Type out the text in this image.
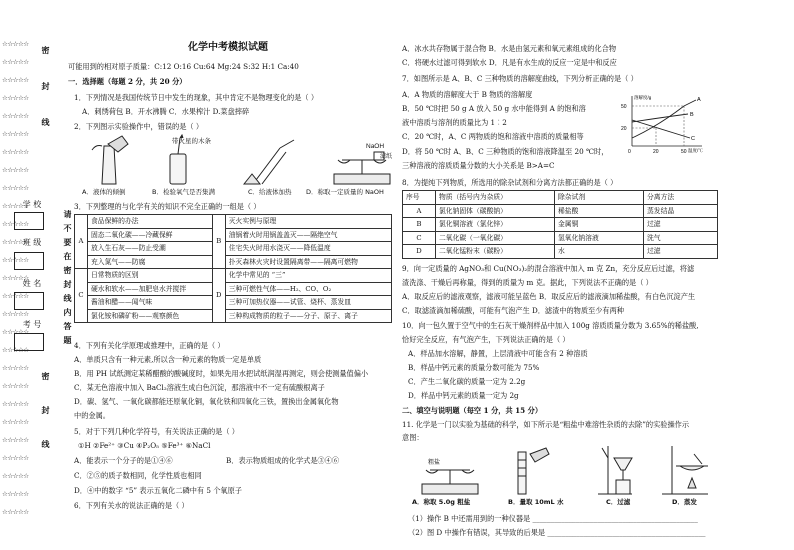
☆☆☆☆☆
☆☆☆☆☆
☆☆☆☆☆
☆☆☆☆☆
☆☆☆☆☆
☆☆☆☆☆
☆☆☆☆☆
☆☆☆☆☆
☆☆☆☆☆
☆☆☆☆☆
☆☆☆☆☆
☆☆☆☆☆
☆☆☆☆☆
☆☆☆☆☆
☆☆☆☆☆
☆☆☆☆☆
☆☆☆☆☆
☆☆☆☆☆
☆☆☆☆☆
☆☆☆☆☆
☆☆☆☆☆
☆☆☆☆☆
☆☆☆☆☆
☆☆☆☆☆
☆☆☆☆☆
☆☆☆☆☆
☆☆☆☆☆
密封线
请不要在密封线内答题
密封线
学 校
班 级
姓 名
考 号
化学中考模拟试题
可能用到的相对原子质量：C:12 O:16 Cu:64 Mg:24 S:32 H:1 Ca:40
一．选择题（每题 2 分，共 20 分）
1．下列情况是我国传统节日中发生的现象，其中肯定不是物理变化的是（ ）
A．刺绣荷包 B．开水沸腾 C．水果榨汁 D.菜盘摔碎
2．下列图示实验操作中，错误的是（ ）
带火星的木条
NaOH
滤纸
A．液体的倾倒	B．检验氧气是否集满	C．给液体加热 D．称取一定质量的 NaOH
3．下列整理的与化学有关的知识不完全正确的一组是（ ）
A	食品保鲜的办法	B	灭火实例与原理
	固态二氧化碳——冷藏保鲜		油锅着火时用锅盖盖灭——隔绝空气
	放入生石灰——防止受潮		住宅失火时用水浇灭——降低温度
	充入氮气——防腐		扑灭森林火灾时设置隔离带——隔离可燃物
C	日常物质的区别	D	化学中常见的 “三”
	硬水和软水——加肥皂水并搅拌		三种可燃性气体——H₂、CO、O₂
	酱油和醋——闻气味		三种可加热仪器——试管、烧杯、蒸发皿
	氯化铵和磷矿粉——观察颜色		三种构成物质的粒子——分子、原子、离子
4．下列有关化学原理或推理中，正确的是（ ）
A．单质只含有一种元素,所以含一种元素的物质一定是单质
B．用 PH 试纸测定某稀醋酸的酸碱度时，如果先用水把试纸润湿再测定，则会使测量值偏小
C．某无色溶液中加入 BaCl₂溶液生成白色沉淀，那溶液中不一定有硫酸根离子
D．碳、氢气、一氧化碳都能还原氧化铜，氧化铁和四氧化三铁，置换出金属氧化物
中的金属。
5．对于下列几种化学符号，有关说法正确的是（ ）
①H ②Fe²⁺ ③Cu ④P₂O₅ ⑤Fe³⁺ ⑥NaCl
A．能表示一个分子的是①④⑥	B．表示物质组成的化学式是③④⑥
C．②⑤的质子数相同，化学性质也相同
D．④中的数字 “5” 表示五氧化二磷中有 5 个氧原子
6．下列有关水的说法正确的是（ ）
A．冰水共存物属于混合物 B．水是由氢元素和氧元素组成的化合物
C．将硬水过滤可得到软水 D．凡是有水生成的反应一定是中和反应
7．如图所示是 A、B、C 三种物质的溶解度曲线，下列分析正确的是（ ）
A．A 物质的溶解度大于 B 物质的溶解度
B．50 ℃时把 50 g A 放入 50 g 水中能得到 A 的饱和溶
液中溶质与溶剂的质量比为 1︰2
C．20 ℃时，A、C 两物质的饱和溶液中溶质的质量相等
D．将 50 ℃时 A、B、C 三种物质的饱和溶液降温至 20 ℃时，
三种溶液的溶质质量分数的大小关系是 B>A=C
A
B
C
50
20
0	20	50 温度/℃
溶解度/g
8．为提纯下列物质，所选用的除杂试剂和分离方法都正确的是（ ）
序号	物质（括号内为杂质）	除杂试剂	分离方法
A	氯化钠固体（碳酸钠）	稀盐酸	蒸发结晶
B	氯化铜溶液（氯化锌）	金属铜	过滤
C	二氧化碳（一氧化碳）	氢氧化钠溶液	洗气
D	二氧化锰粉末（碳粉）	水	过滤
9．向一定质量的 AgNO₃和 Cu(NO₃)₂的混合溶液中加入 m 克 Zn，充分反应后过滤，将滤
渣洗涤、干燥后再称量，得到的质量为 m 克。据此，下列说法不正确的是（ ）
A．取反应后的滤液观察，滤液可能呈蓝色 B．取反应后的滤液滴加稀盐酸，有白色沉淀产生
C．取滤渣滴加稀硫酸，可能有气泡产生 D．滤渣中的物质至少有两种
10．向一包久置于空气中的生石灰干燥剂样品中加入 100g 溶质质量分数为 3.65%的稀盐酸,
恰好完全反应，有气泡产生，下列说法正确的是（ ）
A．样品加水溶解，静置，上层清液中可能含有 2 种溶质
B．样品中钙元素的质量分数可能为 75%
C．产生二氧化碳的质量一定为 2.2g
D．样品中钙元素的质量一定为 2g
二、填空与说明题（每空 1 分，共 15 分）
11. 化学是一门以实验为基础的科学，如下所示是“粗盐中难溶性杂质的去除”的实验操作示
意图：
粗盐
A．称取 5.0g 粗盐	B．量取 10mL 水	C．过滤	D．蒸发
（1）操作 B 中还需用到的一种仪器是 ______________________________________________
（2）图 D 中操作有错误，其导致的后果是 ____________________________________________
